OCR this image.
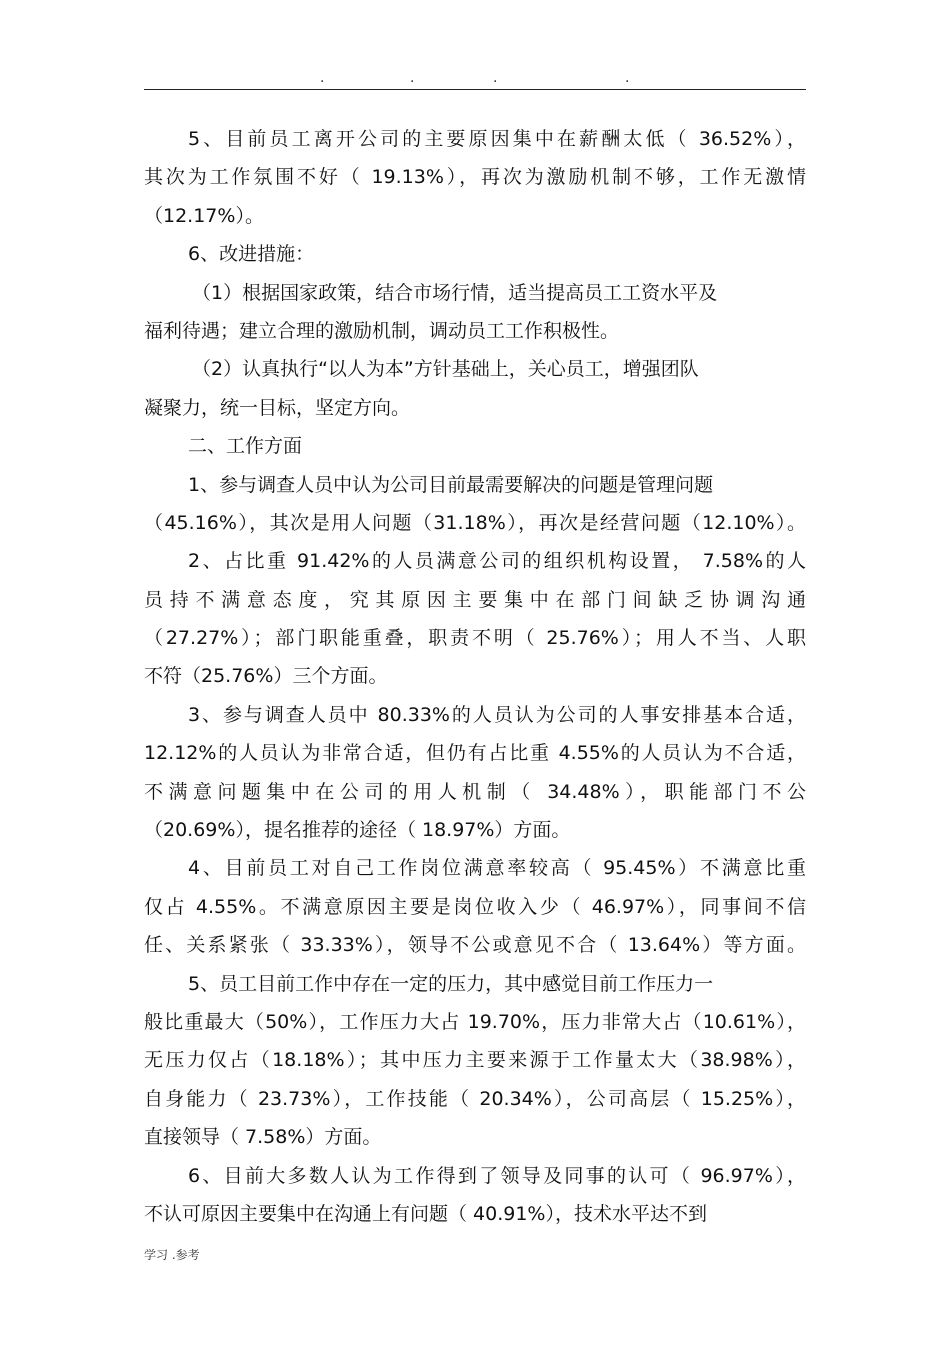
.	.	.	.
5、目前员工离开公司的主要原因集中在薪酬太低（ 36.52%），
其次为工作氛围不好（ 19.13%），再次为激励机制不够，工作无激情
（12.17%）。
6、改进措施：
（1）根据国家政策，结合市场行情，适当提高员工工资水平及
福利待遇；建立合理的激励机制，调动员工工作积极性。
（2）认真执行“以人为本”方针基础上，关心员工，增强团队
凝聚力，统一目标，坚定方向。
二、工作方面
1、参与调查人员中认为公司目前最需要解决的问题是管理问题
（45.16%），其次是用人问题（31.18%），再次是经营问题（12.10%）。
2、占比重 91.42%的人员满意公司的组织机构设置， 7.58%的人
员持不满意态度，究其原因主要集中在部门间缺乏协调沟通
（27.27%）；部门职能重叠，职责不明（ 25.76%）；用人不当、人职
不符（25.76%）三个方面。
3、参与调查人员中 80.33%的人员认为公司的人事安排基本合适，
12.12%的人员认为非常合适，但仍有占比重 4.55%的人员认为不合适，
不满意问题集中在公司的用人机制（ 34.48%），职能部门不公
（20.69%），提名推荐的途径（ 18.97%）方面。
4、目前员工对自己工作岗位满意率较高（ 95.45%）不满意比重
仅占 4.55%。不满意原因主要是岗位收入少（ 46.97%），同事间不信
任、关系紧张（ 33.33%），领导不公或意见不合（ 13.64%）等方面。
5、员工目前工作中存在一定的压力，其中感觉目前工作压力一
般比重最大（50%），工作压力大占 19.70%，压力非常大占（10.61%），
无压力仅占（18.18%）；其中压力主要来源于工作量太大（38.98%），
自身能力（ 23.73%），工作技能（ 20.34%），公司高层（ 15.25%），
直接领导（ 7.58%）方面。
6、目前大多数人认为工作得到了领导及同事的认可（ 96.97%），
不认可原因主要集中在沟通上有问题（ 40.91%），技术水平达不到
学习 .参考
